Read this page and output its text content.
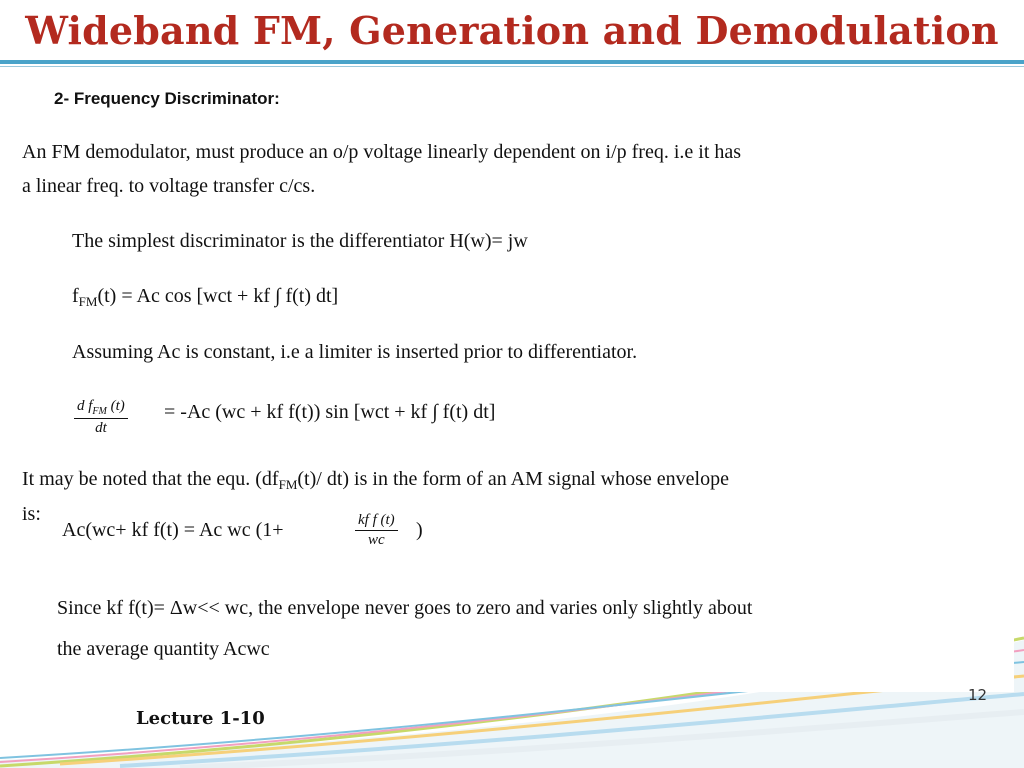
Wideband FM, Generation and Demodulation
2- Frequency Discriminator:
An FM demodulator, must produce an o/p voltage linearly dependent on i/p freq. i.e it has
a linear freq. to voltage transfer c/cs.
The simplest discriminator is the differentiator H(w)= jw
$f_{FM}(t) = Ac$ cos [wct + kf ∫ f(t) dt]
Assuming Ac is constant, i.e a limiter is inserted prior to differentiator.
d $f_{FM}$ (t)
dt
= -Ac (wc + kf f(t)) sin [wct + kf ∫ f(t) dt]
It may be noted that the equ. ($df_{FM}(t)/$ dt) is in the form of an AM signal whose envelope
is:
Ac(wc+ kf f(t) = Ac wc (1+	$\frac{\text{kf f (t)}}{wc}$ )
Since kf f(t)= Δw<< wc, the envelope never goes to zero and varies only slightly about
the average quantity Acwc
12
Lecture 1-10
